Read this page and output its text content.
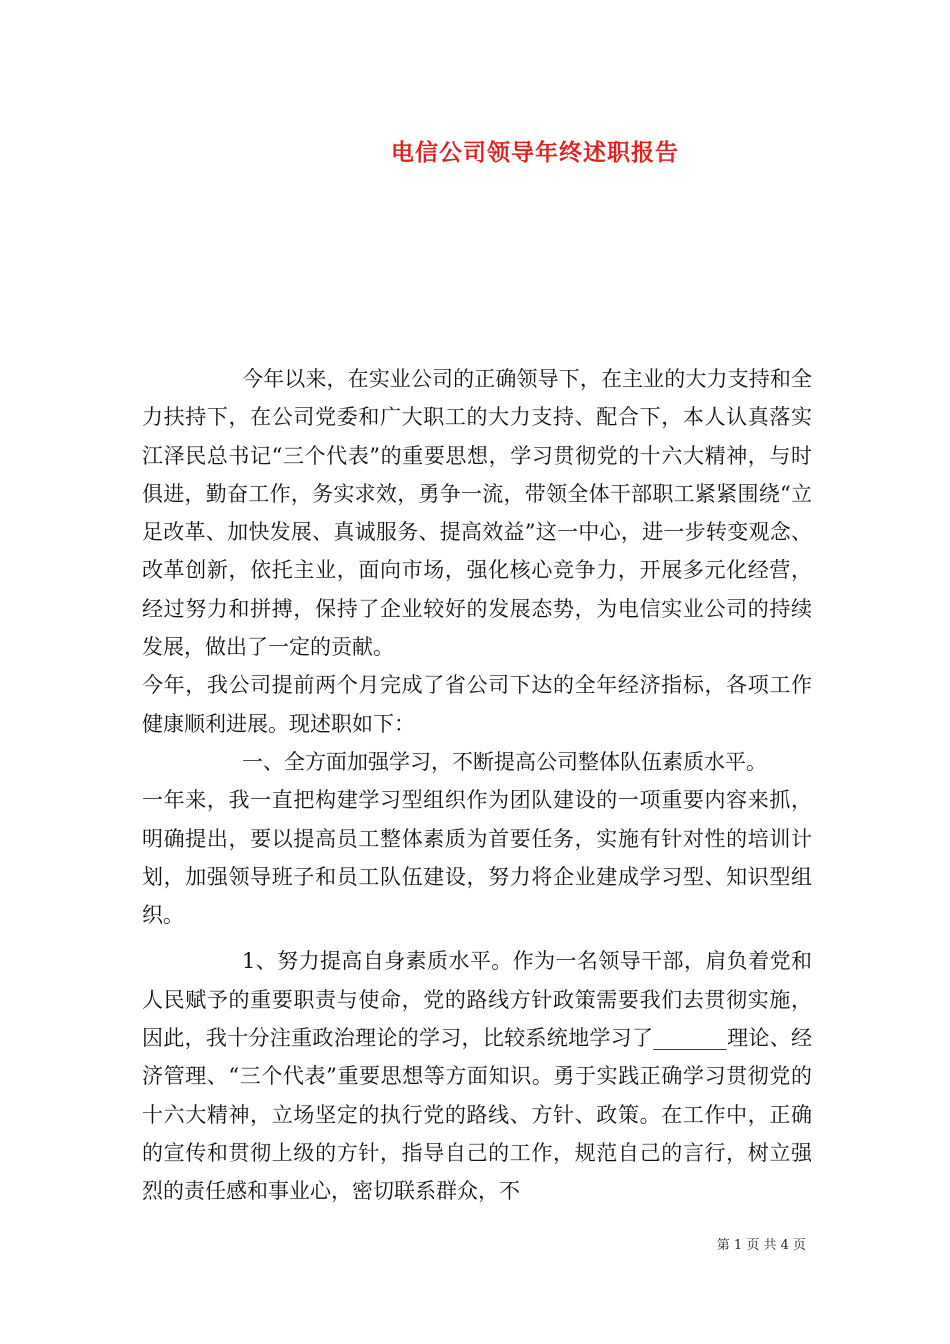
电信公司领导年终述职报告

今年以来，在实业公司的正确领导下，在主业的大力支持和全力扶持下，在公司党委和广大职工的大力支持、配合下，本人认真落实江泽民总书记“三个代表”的重要思想，学习贯彻党的十六大精神，与时俱进，勤奋工作，务实求效，勇争一流，带领全体干部职工紧紧围绕“立足改革、加快发展、真诚服务、提高效益”这一中心，进一步转变观念、改革创新，依托主业，面向市场，强化核心竞争力，开展多元化经营，经过努力和拼搏，保持了企业较好的发展态势，为电信实业公司的持续发展，做出了一定的贡献。

今年，我公司提前两个月完成了省公司下达的全年经济指标，各项工作健康顺利进展。现述职如下：

一、全方面加强学习，不断提高公司整体队伍素质水平。

一年来，我一直把构建学习型组织作为团队建设的一项重要内容来抓，明确提出，要以提高员工整体素质为首要任务，实施有针对性的培训计划，加强领导班子和员工队伍建设，努力将企业建成学习型、知识型组织。

1、努力提高自身素质水平。作为一名领导干部，肩负着党和人民赋予的重要职责与使命，党的路线方针政策需要我们去贯彻实施，因此，我十分注重政治理论的学习，比较系统地学习了_______理论、经济管理、“三个代表”重要思想等方面知识。勇于实践正确学习贯彻党的十六大精神，立场坚定的执行党的路线、方针、政策。在工作中，正确的宣传和贯彻上级的方针，指导自己的工作，规范自己的言行，树立强烈的责任感和事业心，密切联系群众，不

第 1 页 共 4 页
